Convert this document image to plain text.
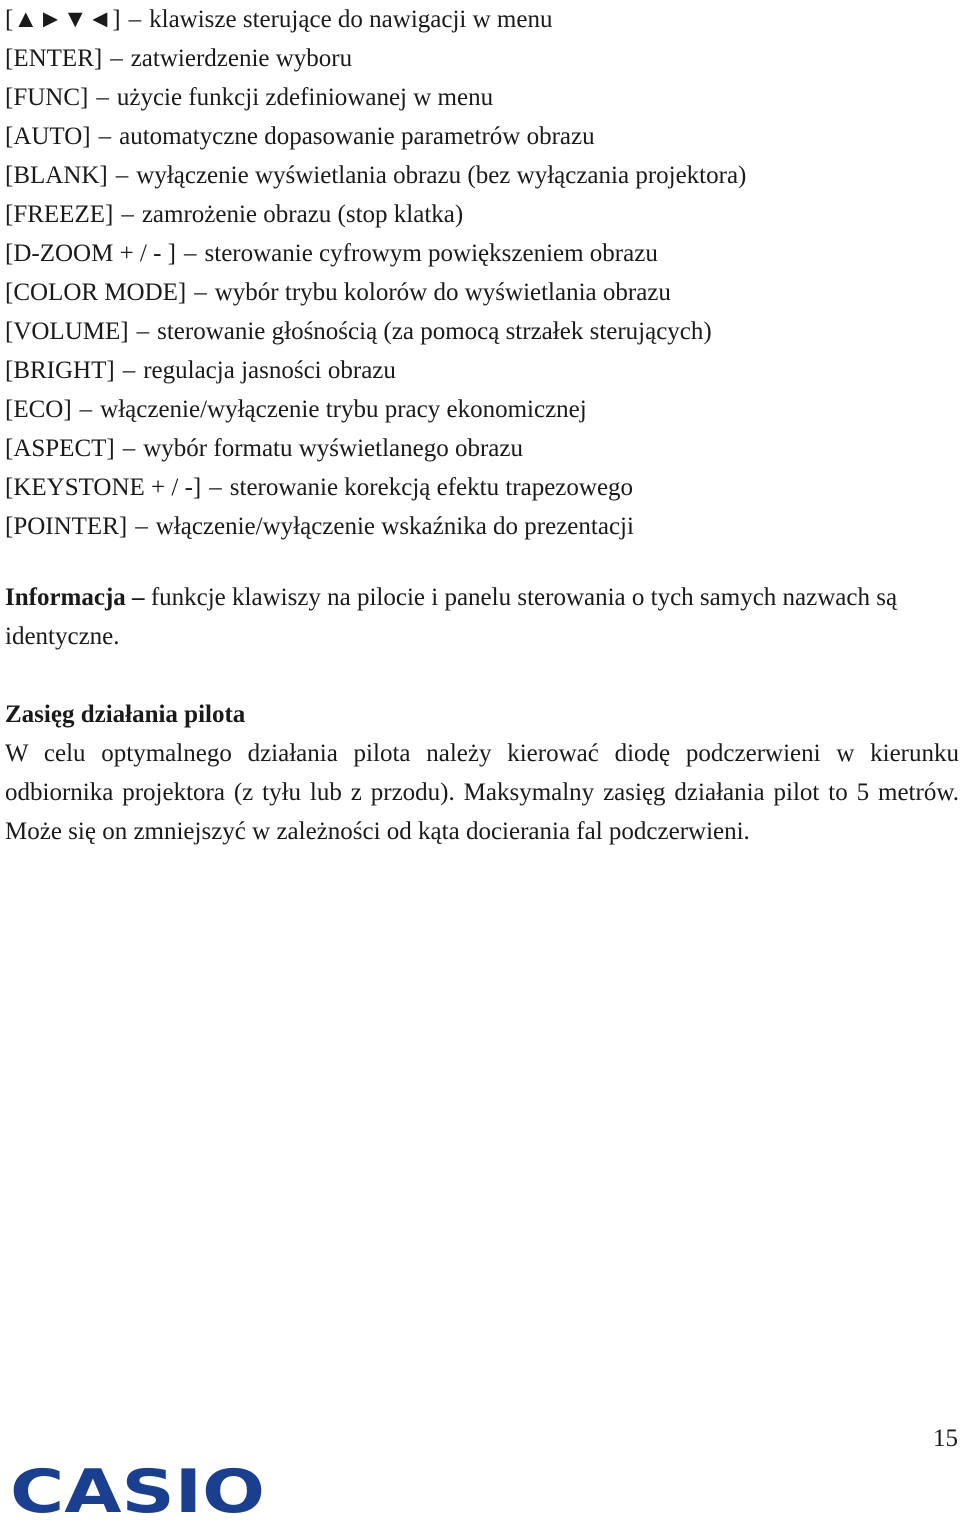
[▲►▼◄] – klawisze sterujące do nawigacji w menu
[ENTER] – zatwierdzenie wyboru
[FUNC] – użycie funkcji zdefiniowanej w menu
[AUTO] – automatyczne dopasowanie parametrów obrazu
[BLANK] – wyłączenie wyświetlania obrazu (bez wyłączania projektora)
[FREEZE] – zamrożenie obrazu (stop klatka)
[D-ZOOM + / - ] – sterowanie cyfrowym powiększeniem obrazu
[COLOR MODE] – wybór trybu kolorów do wyświetlania obrazu
[VOLUME] – sterowanie głośnością (za pomocą strzałek sterujących)
[BRIGHT] – regulacja jasności obrazu
[ECO] – włączenie/wyłączenie trybu pracy ekonomicznej
[ASPECT] – wybór formatu wyświetlanego obrazu
[KEYSTONE + / -] – sterowanie korekcją efektu trapezowego
[POINTER] – włączenie/wyłączenie wskaźnika do prezentacji
Informacja – funkcje klawiszy na pilocie i panelu sterowania o tych samych nazwach są identyczne.

Zasięg działania pilota

W celu optymalnego działania pilota należy kierować diodę podczerwieni w kierunku odbiornika projektora (z tyłu lub z przodu). Maksymalny zasięg działania pilot to 5 metrów. Może się on zmniejszyć w zależności od kąta docierania fal podczerwieni.

15
CASIO
